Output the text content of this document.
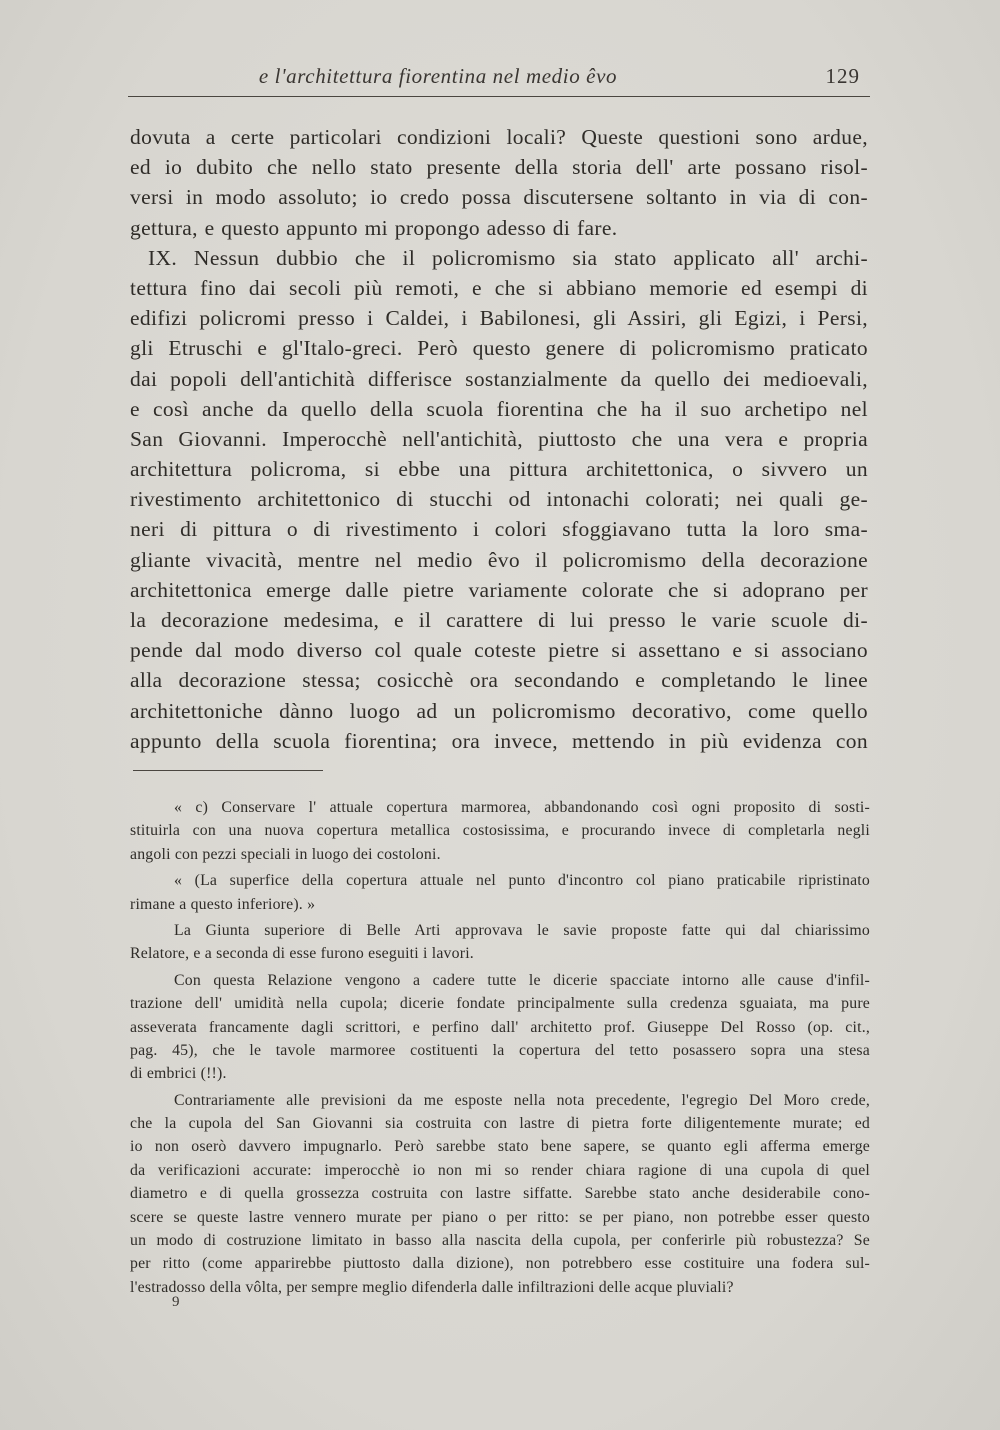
e l'architettura fiorentina nel medio êvo	129
dovuta a certe particolari condizioni locali? Queste questioni sono ardue,
ed io dubito che nello stato presente della storia dell' arte possano risol-
versi in modo assoluto; io credo possa discutersene soltanto in via di con-
gettura, e questo appunto mi propongo adesso di fare.
IX. Nessun dubbio che il policromismo sia stato applicato all' archi-
tettura fino dai secoli più remoti, e che si abbiano memorie ed esempi di
edifizi policromi presso i Caldei, i Babilonesi, gli Assiri, gli Egizi, i Persi,
gli Etruschi e gl'Italo-greci. Però questo genere di policromismo praticato
dai popoli dell'antichità differisce sostanzialmente da quello dei medioevali,
e così anche da quello della scuola fiorentina che ha il suo archetipo nel
San Giovanni. Imperocchè nell'antichità, piuttosto che una vera e propria
architettura policroma, si ebbe una pittura architettonica, o sivvero un
rivestimento architettonico di stucchi od intonachi colorati; nei quali ge-
neri di pittura o di rivestimento i colori sfoggiavano tutta la loro sma-
gliante vivacità, mentre nel medio êvo il policromismo della decorazione
architettonica emerge dalle pietre variamente colorate che si adoprano per
la decorazione medesima, e il carattere di lui presso le varie scuole di-
pende dal modo diverso col quale coteste pietre si assettano e si associano
alla decorazione stessa; cosicchè ora secondando e completando le linee
architettoniche dànno luogo ad un policromismo decorativo, come quello
appunto della scuola fiorentina; ora invece, mettendo in più evidenza con
« c) Conservare l' attuale copertura marmorea, abbandonando così ogni proposito di sosti-
stituirla con una nuova copertura metallica costosissima, e procurando invece di completarla negli
angoli con pezzi speciali in luogo dei costoloni.
« (La superfice della copertura attuale nel punto d'incontro col piano praticabile ripristinato
rimane a questo inferiore). »
La Giunta superiore di Belle Arti approvava le savie proposte fatte qui dal chiarissimo
Relatore, e a seconda di esse furono eseguiti i lavori.
Con questa Relazione vengono a cadere tutte le dicerie spacciate intorno alle cause d'infil-
trazione dell' umidità nella cupola; dicerie fondate principalmente sulla credenza sguaiata, ma pure
asseverata francamente dagli scrittori, e perfino dall' architetto prof. Giuseppe Del Rosso (op. cit.,
pag. 45), che le tavole marmoree costituenti la copertura del tetto posassero sopra una stesa
di embrici (!!).
Contrariamente alle previsioni da me esposte nella nota precedente, l'egregio Del Moro crede,
che la cupola del San Giovanni sia costruita con lastre di pietra forte diligentemente murate; ed
io non oserò davvero impugnarlo. Però sarebbe stato bene sapere, se quanto egli afferma emerge
da verificazioni accurate: imperocchè io non mi so render chiara ragione di una cupola di quel
diametro e di quella grossezza costruita con lastre siffatte. Sarebbe stato anche desiderabile cono-
scere se queste lastre vennero murate per piano o per ritto: se per piano, non potrebbe esser questo
un modo di costruzione limitato in basso alla nascita della cupola, per conferirle più robustezza? Se
per ritto (come apparirebbe piuttosto dalla dizione), non potrebbero esse costituire una fodera sul-
l'estradosso della vôlta, per sempre meglio difenderla dalle infiltrazioni delle acque pluviali?
9
